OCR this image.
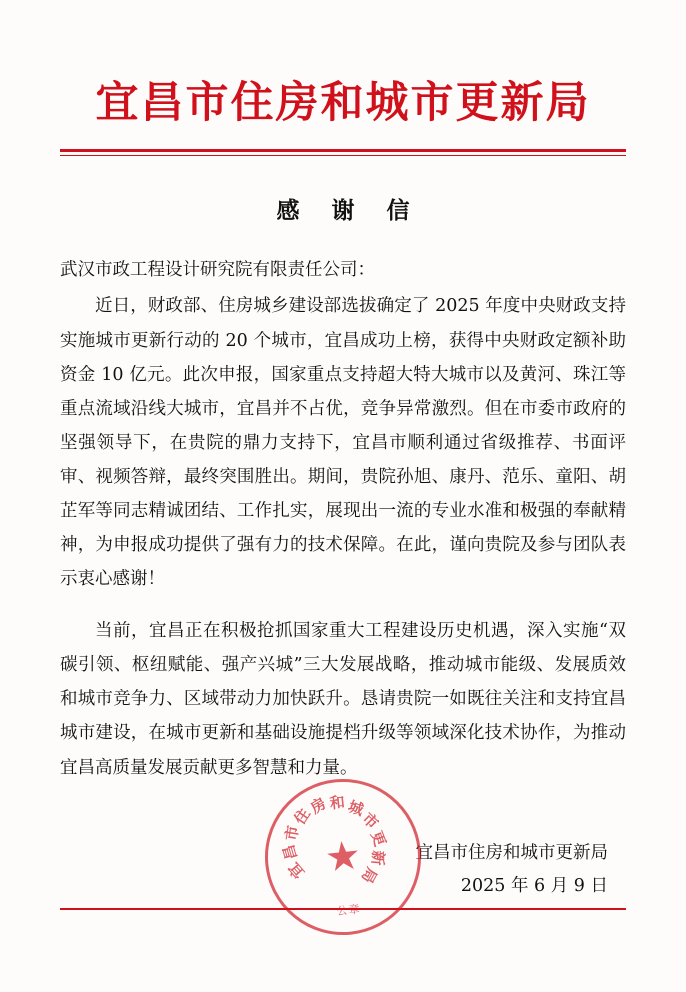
宜昌市住房和城市更新局
感 谢 信
武汉市政工程设计研究院有限责任公司：

近日，财政部、住房城乡建设部选拔确定了 2025 年度中央财政支持实施城市更新行动的 20 个城市，宜昌成功上榜，获得中央财政定额补助资金 10 亿元。此次申报，国家重点支持超大特大城市以及黄河、珠江等重点流域沿线大城市，宜昌并不占优，竞争异常激烈。但在市委市政府的坚强领导下，在贵院的鼎力支持下，宜昌市顺利通过省级推荐、书面评审、视频答辩，最终突围胜出。期间，贵院孙旭、康丹、范乐、童阳、胡芷军等同志精诚团结、工作扎实，展现出一流的专业水准和极强的奉献精神，为申报成功提供了强有力的技术保障。在此，谨向贵院及参与团队表示衷心感谢！

当前，宜昌正在积极抢抓国家重大工程建设历史机遇，深入实施“双碳引领、枢纽赋能、强产兴城”三大发展战略，推动城市能级、发展质效和城市竞争力、区域带动力加快跃升。恳请贵院一如既往关注和支持宜昌城市建设，在城市更新和基础设施提档升级等领域深化技术协作，为推动宜昌高质量发展贡献更多智慧和力量。

宜
昌
市
住
房 和 城
市
更
新
局
★	宜昌市住房和城市更新局
2025 年 6 月 9 日
